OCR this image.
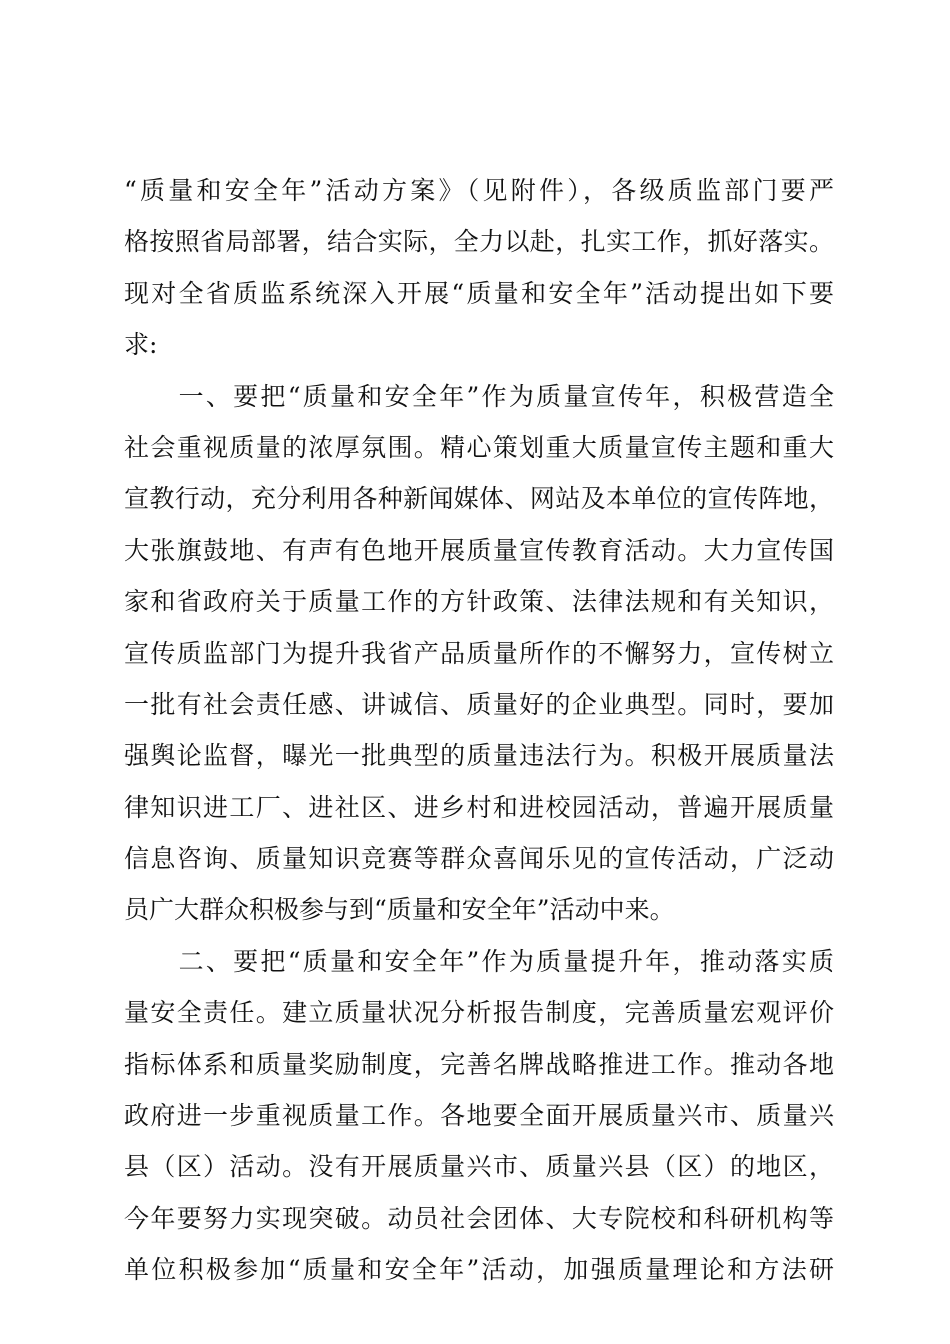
“质量和安全年”活动方案》（见附件），各级质监部门要严
格按照省局部署，结合实际，全力以赴，扎实工作，抓好落实。
现对全省质监系统深入开展“质量和安全年”活动提出如下要
求:
　　一、要把“质量和安全年”作为质量宣传年，积极营造全
社会重视质量的浓厚氛围。精心策划重大质量宣传主题和重大
宣教行动，充分利用各种新闻媒体、网站及本单位的宣传阵地，
大张旗鼓地、有声有色地开展质量宣传教育活动。大力宣传国
家和省政府关于质量工作的方针政策、法律法规和有关知识，
宣传质监部门为提升我省产品质量所作的不懈努力，宣传树立
一批有社会责任感、讲诚信、质量好的企业典型。同时，要加
强舆论监督，曝光一批典型的质量违法行为。积极开展质量法
律知识进工厂、进社区、进乡村和进校园活动，普遍开展质量
信息咨询、质量知识竞赛等群众喜闻乐见的宣传活动，广泛动
员广大群众积极参与到“质量和安全年”活动中来。
　　二、要把“质量和安全年”作为质量提升年，推动落实质
量安全责任。建立质量状况分析报告制度，完善质量宏观评价
指标体系和质量奖励制度，完善名牌战略推进工作。推动各地
政府进一步重视质量工作。各地要全面开展质量兴市、质量兴
县（区）活动。没有开展质量兴市、质量兴县（区）的地区，
今年要努力实现突破。动员社会团体、大专院校和科研机构等
单位积极参加“质量和安全年”活动，加强质量理论和方法研
